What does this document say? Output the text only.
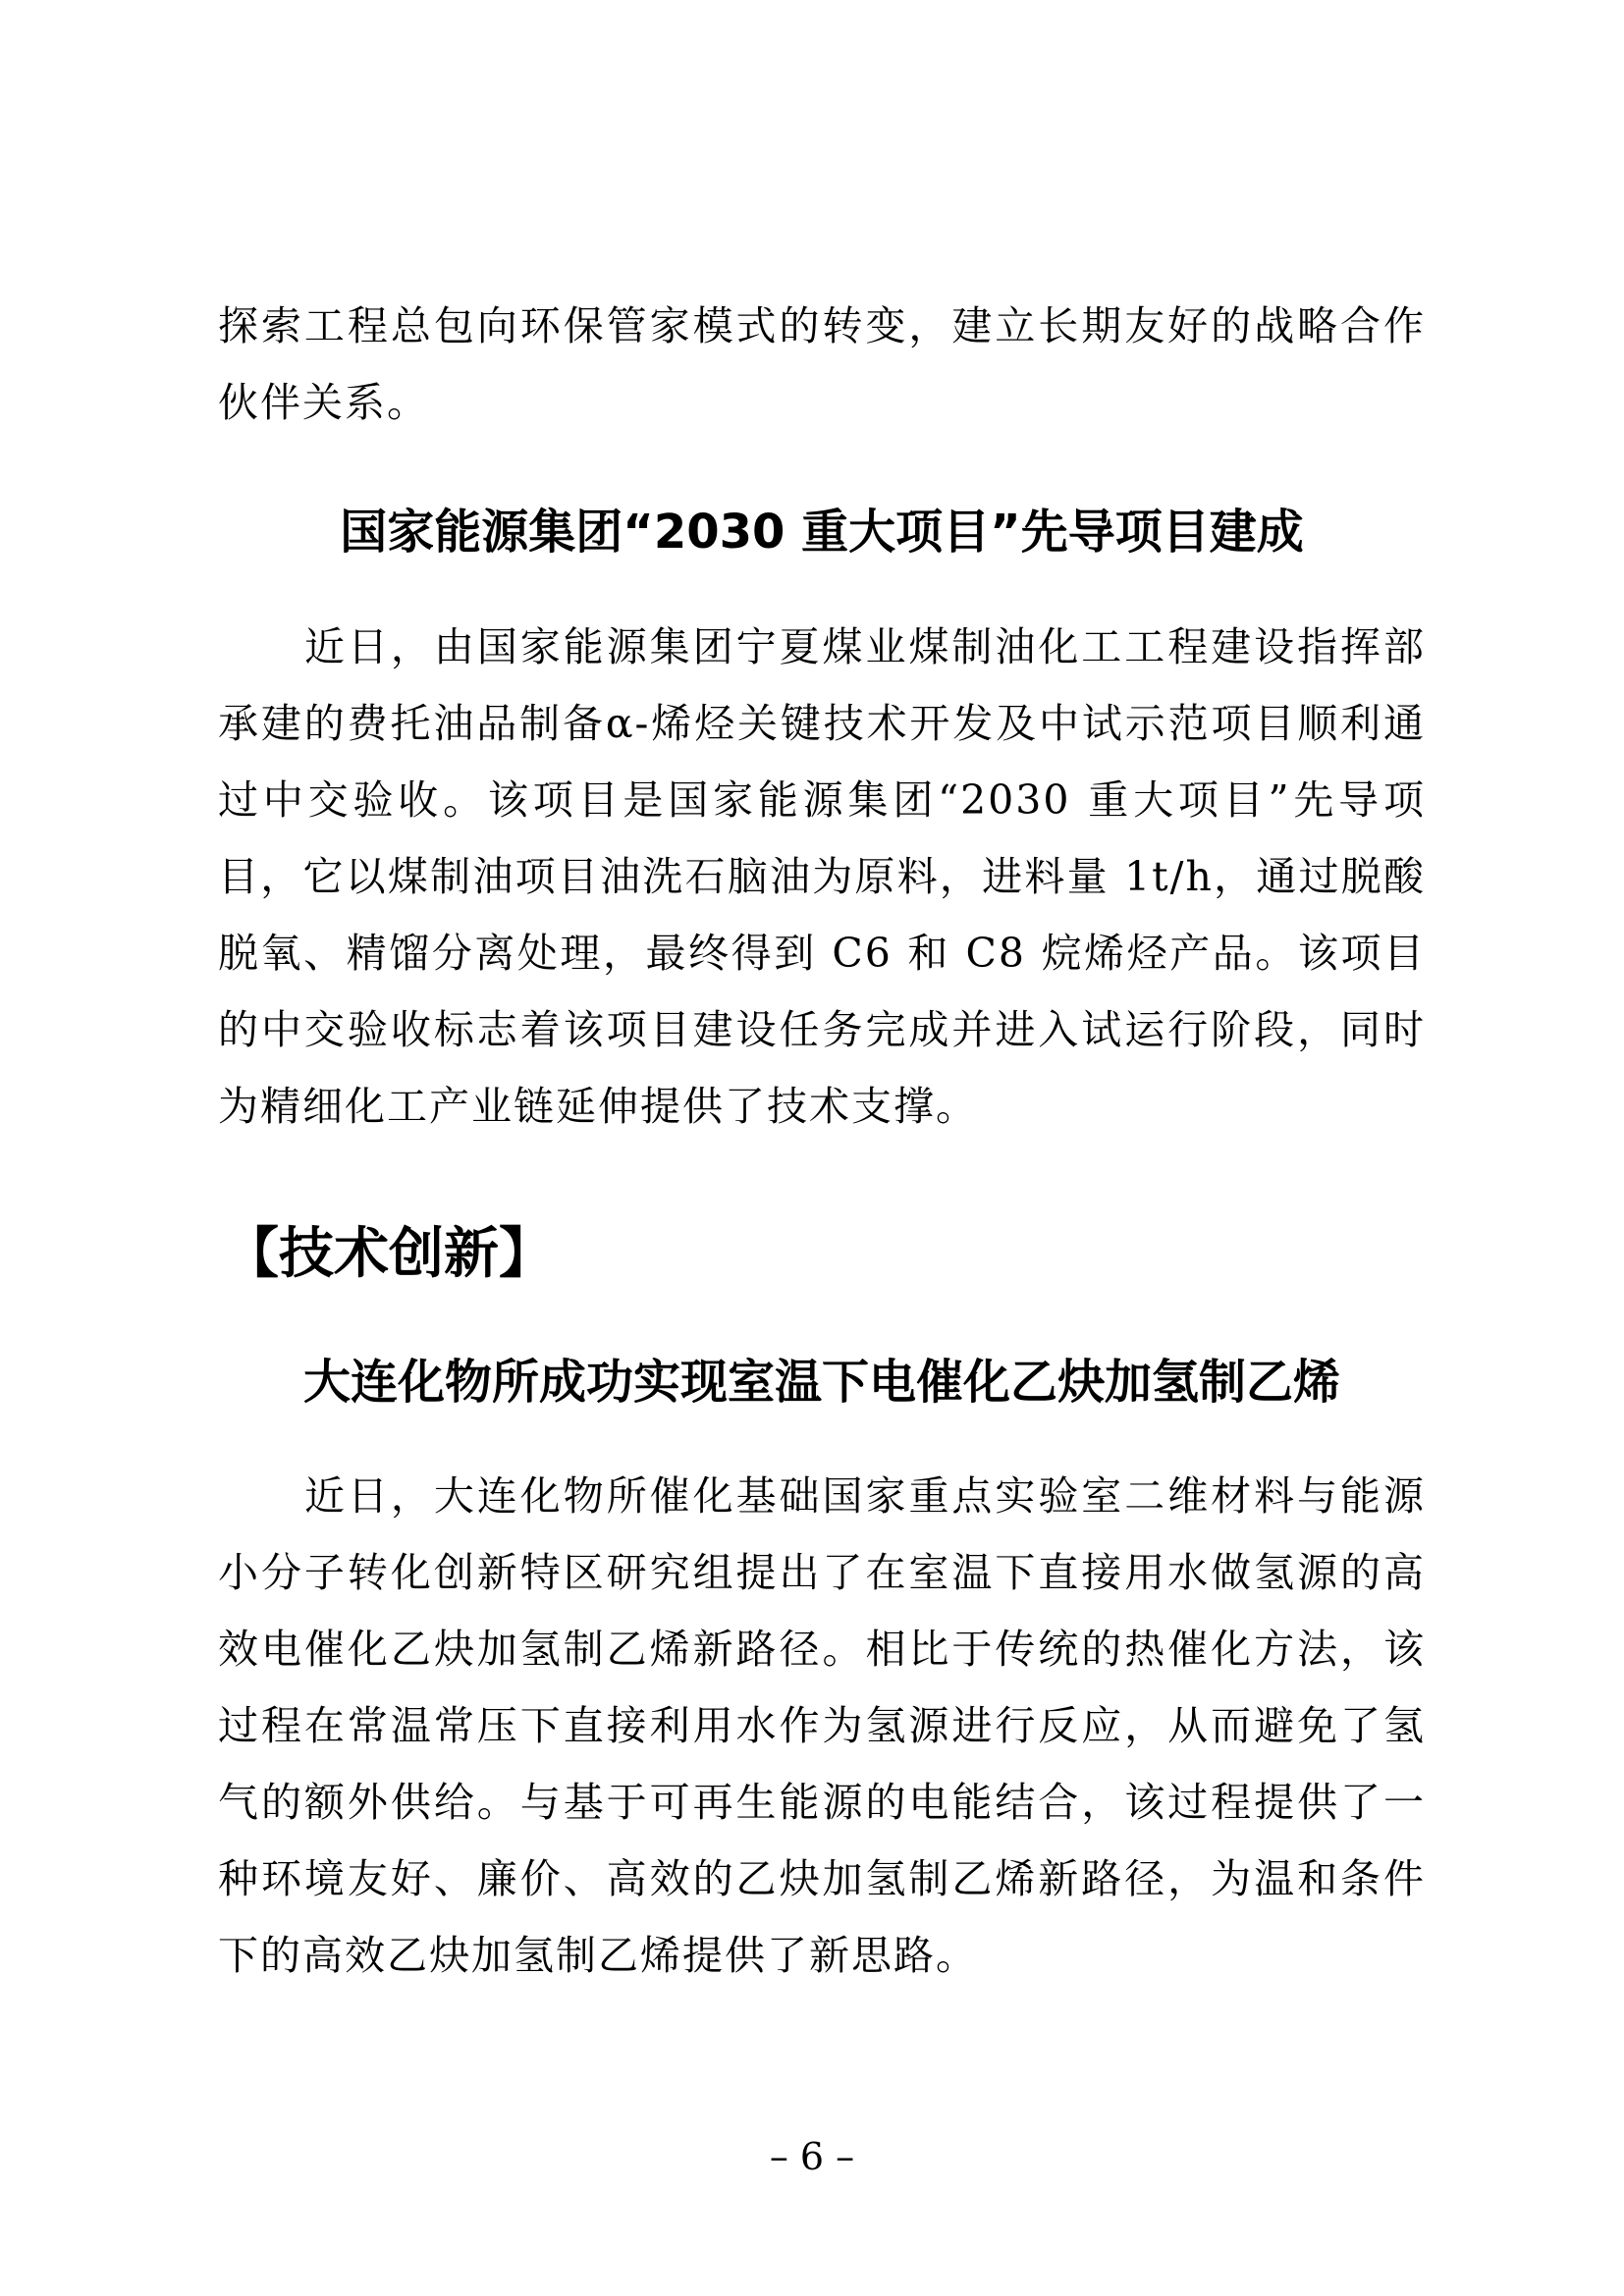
探索工程总包向环保管家模式的转变，建立长期友好的战略合作伙伴关系。

国家能源集团“2030 重大项目”先导项目建成

近日，由国家能源集团宁夏煤业煤制油化工工程建设指挥部承建的费托油品制备α-烯烃关键技术开发及中试示范项目顺利通过中交验收。该项目是国家能源集团“2030 重大项目”先导项目，它以煤制油项目油洗石脑油为原料，进料量 1t/h，通过脱酸脱氧、精馏分离处理，最终得到 C6 和 C8 烷烯烃产品。该项目的中交验收标志着该项目建设任务完成并进入试运行阶段，同时为精细化工产业链延伸提供了技术支撑。

【技术创新】
大连化物所成功实现室温下电催化乙炔加氢制乙烯

近日，大连化物所催化基础国家重点实验室二维材料与能源小分子转化创新特区研究组提出了在室温下直接用水做氢源的高效电催化乙炔加氢制乙烯新路径。相比于传统的热催化方法，该过程在常温常压下直接利用水作为氢源进行反应，从而避免了氢气的额外供给。与基于可再生能源的电能结合，该过程提供了一种环境友好、廉价、高效的乙炔加氢制乙烯新路径，为温和条件下的高效乙炔加氢制乙烯提供了新思路。

– 6 –
